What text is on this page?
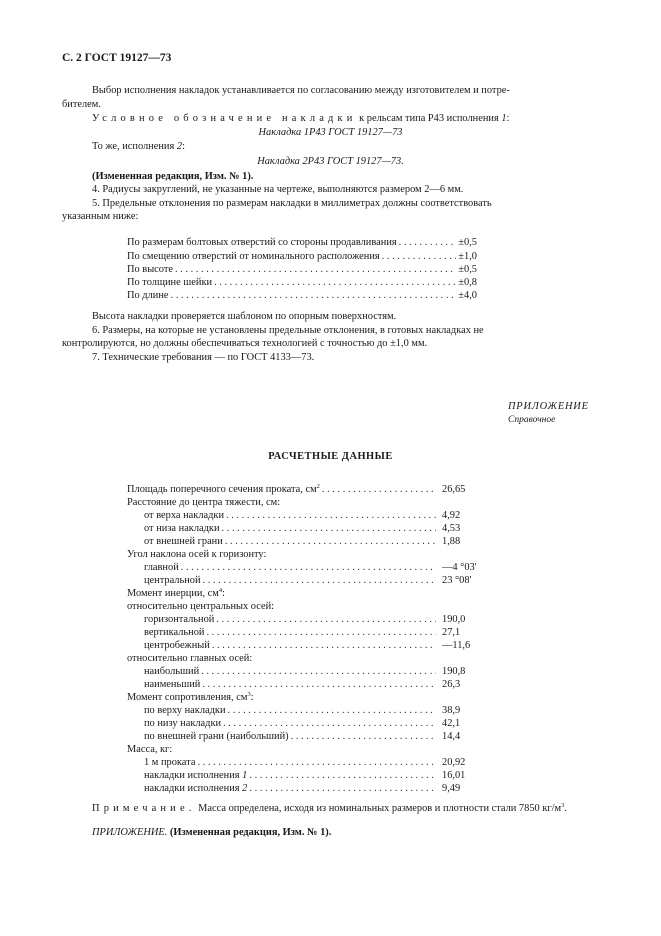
С. 2 ГОСТ 19127—73
Выбор исполнения накладок устанавливается по согласованию между изготовителем и потре-
бителем.
Условное обозначение накладки к рельсам типа Р43 исполнения 1:
Накладка 1Р43 ГОСТ 19127—73
То же, исполнения 2:
Накладка 2Р43 ГОСТ 19127—73.
(Измененная редакция, Изм. № 1).
4. Радиусы закруглений, не указанные на чертеже, выполняются размером 2—6 мм.
5. Предельные отклонения по размерам накладки в миллиметрах должны соответствовать
указанным ниже:
По размерам болтовых отверстий со стороны продавливания . . .	±0,5
По смещению отверстий от номинального расположения . . .	±1,0
По высоте . . .	±0,5
По толщине шейки . . .	±0,8
По длине . . .	±4,0
Высота накладки проверяется шаблоном по опорным поверхностям.
6. Размеры, на которые не установлены предельные отклонения, в готовых накладках не
контролируются, но должны обеспечиваться технологией с точностью до ±1,0 мм.
7. Технические требования — по ГОСТ 4133—73.
ПРИЛОЖЕНИЕ
Справочное
РАСЧЕТНЫЕ ДАННЫЕ
Площадь поперечного сечения проката, $см^2$ . . .	26,65
Расстояние до центра тяжести, см:
от верха накладки . . .	4,92
от низа накладки . . .	4,53
от внешней грани . . .	1,88
Угол наклона осей к горизонту:
главной . . .	—4 °03'
центральной . . .	23 °08'
Момент инерции, $см^4$:
относительно центральных осей:
горизонтальной . . .	190,0
вертикальной . . .	27,1
центробежный . . .	—11,6
относительно главных осей:
наибольший . . .	190,8
наименьший . . .	26,3
Момент сопротивления, $см^3$:
по верху накладки . . .	38,9
по низу накладки . . .	42,1
по внешней грани (наибольший) . . .	14,4
Масса, кг:
1 м проката . . .	20,92
накладки исполнения 1 . . .	16,01
накладки исполнения 2 . . .	9,49
Примечание. Масса определена, исходя из номинальных размеров и плотности стали 7850 $кг/м^3$.
ПРИЛОЖЕНИЕ. (Измененная редакция, Изм. № 1).
